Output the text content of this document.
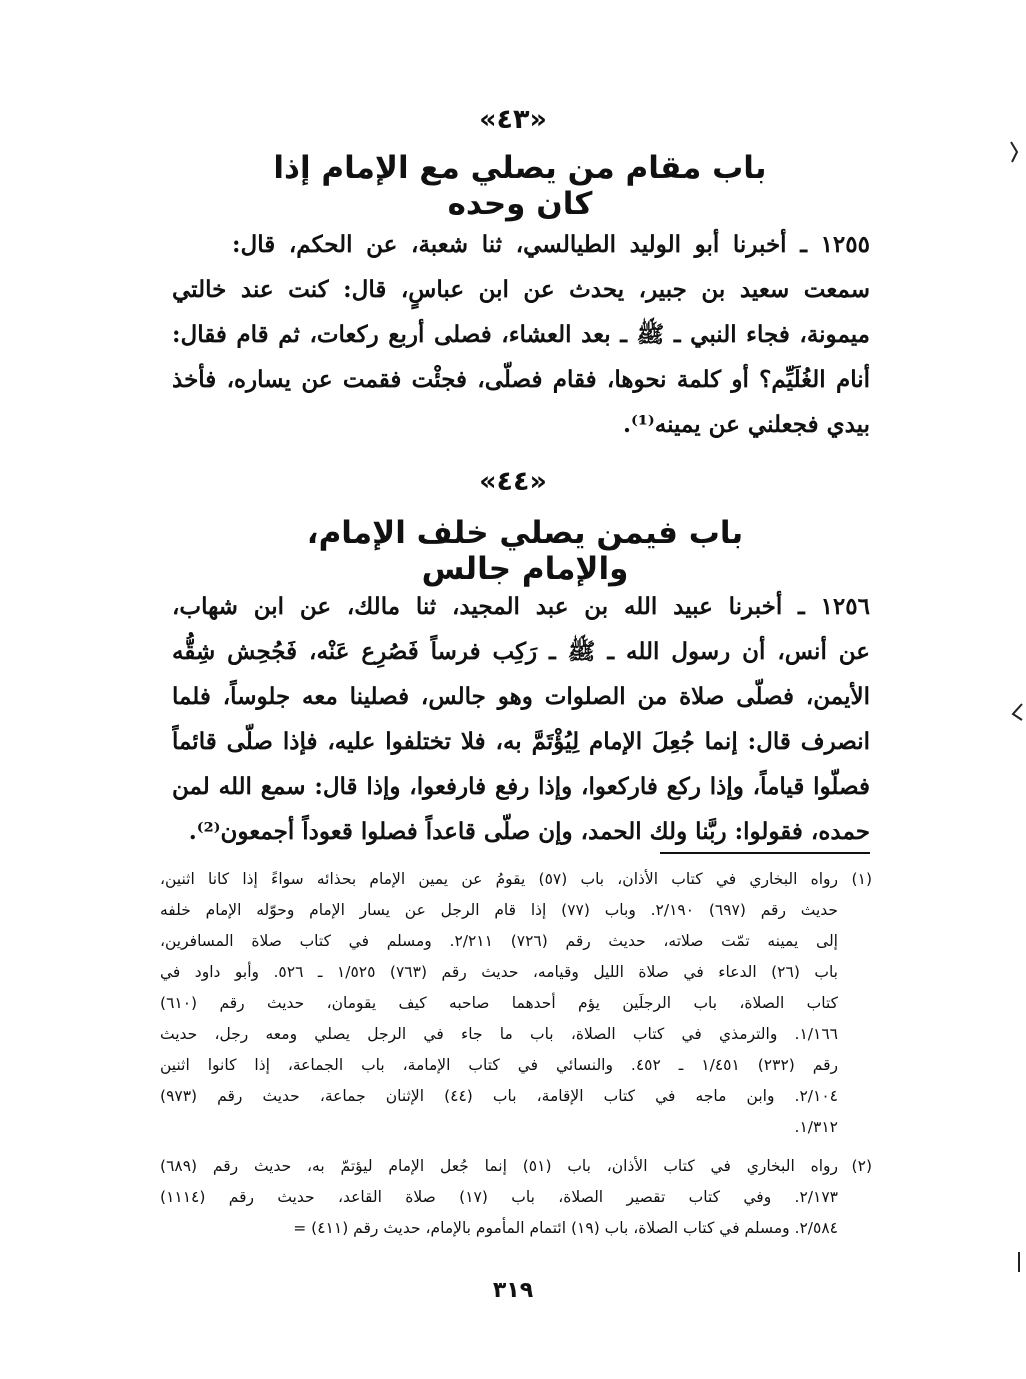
«٤٣»
باب مقام من يصلي مع الإمام إذا كان وحده
١٢٥٥ ـ أخبرنا أبو الوليد الطيالسي، ثنا شعبة، عن الحكم، قال:
سمعت سعيد بن جبير، يحدث عن ابن عباسٍ، قال: كنت عند خالتي
ميمونة، فجاء النبي ـ ﷺ ـ بعد العشاء، فصلى أربع ركعات، ثم قام فقال:
أنام الغُلَيِّم؟ أو كلمة نحوها، فقام فصلّى، فجئْت فقمت عن يساره، فأخذ
بيدي فجعلني عن يمينه⁽¹⁾.
«٤٤»
باب فيمن يصلي خلف الإمام، والإمام جالس
١٢٥٦ ـ أخبرنا عبيد الله بن عبد المجيد، ثنا مالك، عن ابن شهاب،
عن أنس، أن رسول الله ـ ﷺ ـ رَكِب فرساً فَصُرِع عَنْه، فَجُحِش شِقُّه
الأيمن، فصلّى صلاة من الصلوات وهو جالس، فصلينا معه جلوساً، فلما
انصرف قال: إنما جُعِلَ الإمام لِيُؤْتَمَّ به، فلا تختلفوا عليه، فإذا صلّى قائماً
فصلّوا قياماً، وإذا ركع فاركعوا، وإذا رفع فارفعوا، وإذا قال: سمع الله لمن
حمده، فقولوا: ربَّنا ولك الحمد، وإن صلّى قاعداً فصلوا قعوداً أجمعون⁽²⁾.
(١)
رواه البخاري في كتاب الأذان، باب (٥٧) يقومُ عن يمين الإمام بحذائه سواءً إذا كانا اثنين،
حديث رقم (٦٩٧) ٢/١٩٠. وباب (٧٧) إذا قام الرجل عن يسار الإمام وحوّله الإمام خلفه
إلى يمينه تمّت صلاته، حديث رقم (٧٢٦) ٢/٢١١. ومسلم في كتاب صلاة المسافرين،
باب (٢٦) الدعاء في صلاة الليل وقيامه، حديث رقم (٧٦٣) ١/٥٢٥ ـ ٥٢٦. وأبو داود في
كتاب الصلاة، باب الرجلَين يؤم أحدهما صاحبه كيف يقومان، حديث رقم (٦١٠)
١/١٦٦. والترمذي في كتاب الصلاة، باب ما جاء في الرجل يصلي ومعه رجل، حديث
رقم (٢٣٢) ١/٤٥١ ـ ٤٥٢. والنسائي في كتاب الإمامة، باب الجماعة، إذا كانوا اثنين
٢/١٠٤. وابن ماجه في كتاب الإقامة، باب (٤٤) الإثنان جماعة، حديث رقم (٩٧٣)
١/٣١٢.
(٢)
رواه البخاري في كتاب الأذان، باب (٥١) إنما جُعل الإمام ليؤتمّ به، حديث رقم (٦٨٩)
٢/١٧٣. وفي كتاب تقصير الصلاة، باب (١٧) صلاة القاعد، حديث رقم (١١١٤)
٢/٥٨٤. ومسلم في كتاب الصلاة، باب (١٩) ائتمام المأموم بالإمام، حديث رقم (٤١١) =
٣١٩
